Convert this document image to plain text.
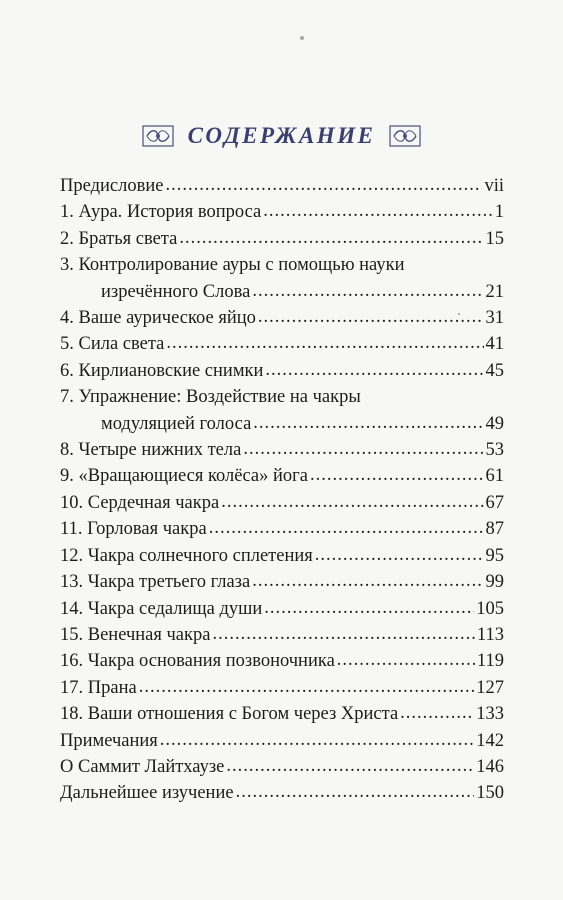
СОДЕРЖАНИЕ
Предисловие .....	vii
1. Аура. История вопроса .....	1
2. Братья света .....	15
3. Контролирование ауры с помощью науки
изречённого Слова .....	21
4. Ваше аурическое яйцо .....	31
5. Сила света .....	41
6. Кирлиановские снимки .....	45
7. Упражнение: Воздействие на чакры
модуляцией голоса .....	49
8. Четыре нижних тела .....	53
9. «Вращающиеся колёса» йога .....	61
10. Сердечная чакра .....	67
11. Горловая чакра .....	87
12. Чакра солнечного сплетения .....	95
13. Чакра третьего глаза .....	99
14. Чакра седалища души .....	105
15. Венечная чакра .....	113
16. Чакра основания позвоночника .....	119
17. Прана .....	127
18. Ваши отношения с Богом через Христа .....	133
Примечания .....	142
О Саммит Лайтхаузе .....	146
Дальнейшее изучение .....	150
